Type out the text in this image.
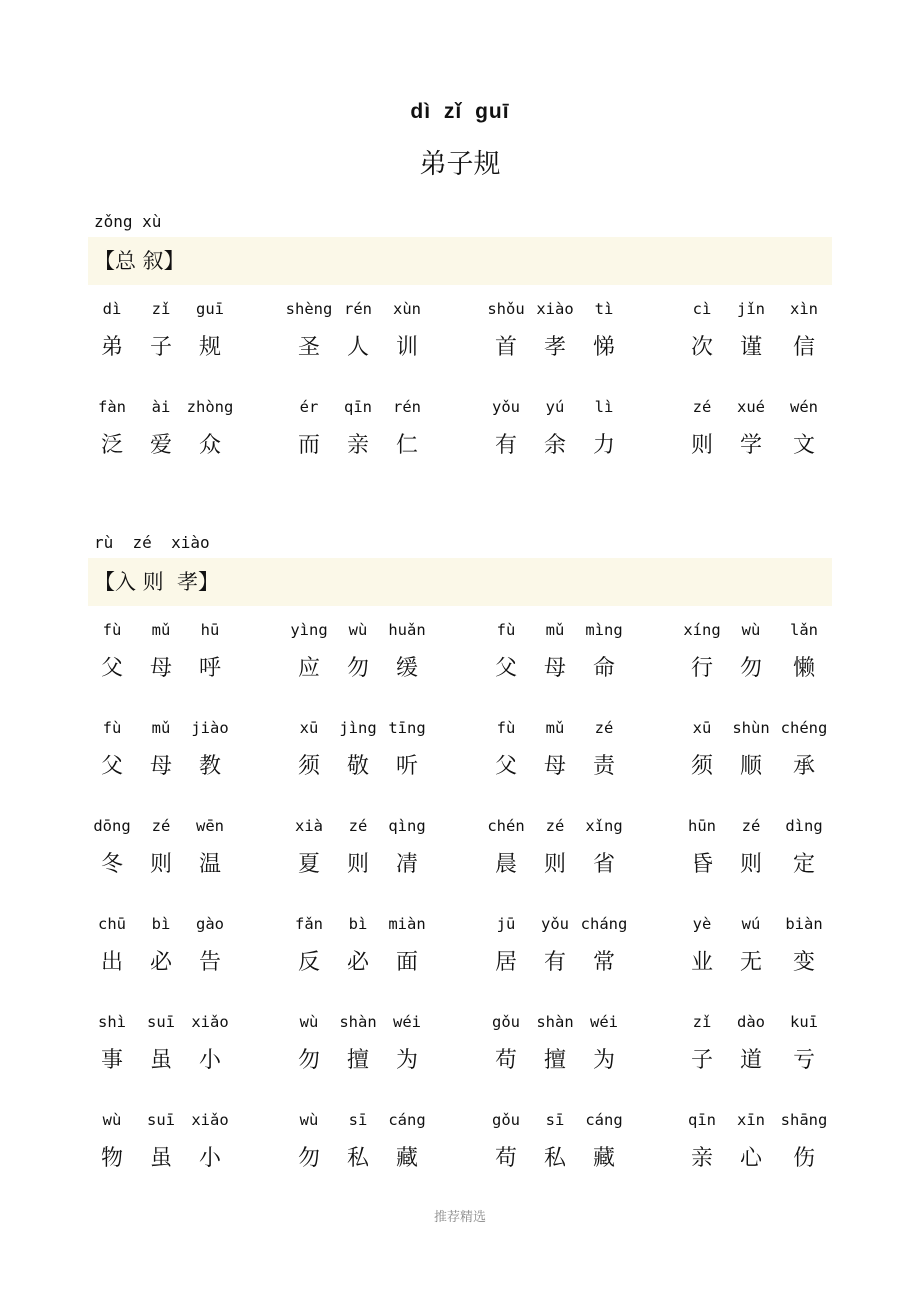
dì zǐ guī
弟子规
zǒng xù
【总 叙】
dì
弟
zǐ
子
guī
规
shèng
圣
rén
人
xùn
训
shǒu
首
xiào
孝
tì
悌
cì
次
jǐn
谨
xìn
信
fàn
泛
ài
爱
zhòng
众
ér
而
qīn
亲
rén
仁
yǒu
有
yú
余
lì
力
zé
则
xué
学
wén
文
rù  zé  xiào
【入 则  孝】
fù
父
mǔ
母
hū
呼
yìng
应
wù
勿
huǎn
缓
fù
父
mǔ
母
mìng
命
xíng
行
wù
勿
lǎn
懒
fù
父
mǔ
母
jiào
教
xū
须
jìng
敬
tīng
听
fù
父
mǔ
母
zé
责
xū
须
shùn
顺
chéng
承
dōng
冬
zé
则
wēn
温
xià
夏
zé
则
qìng
凊
chén
晨
zé
则
xǐng
省
hūn
昏
zé
则
dìng
定
chū
出
bì
必
gào
告
fǎn
反
bì
必
miàn
面
jū
居
yǒu
有
cháng
常
yè
业
wú
无
biàn
变
shì
事
suī
虽
xiǎo
小
wù
勿
shàn
擅
wéi
为
gǒu
苟
shàn
擅
wéi
为
zǐ
子
dào
道
kuī
亏
wù
物
suī
虽
xiǎo
小
wù
勿
sī
私
cáng
藏
gǒu
苟
sī
私
cáng
藏
qīn
亲
xīn
心
shāng
伤
推荐精选
